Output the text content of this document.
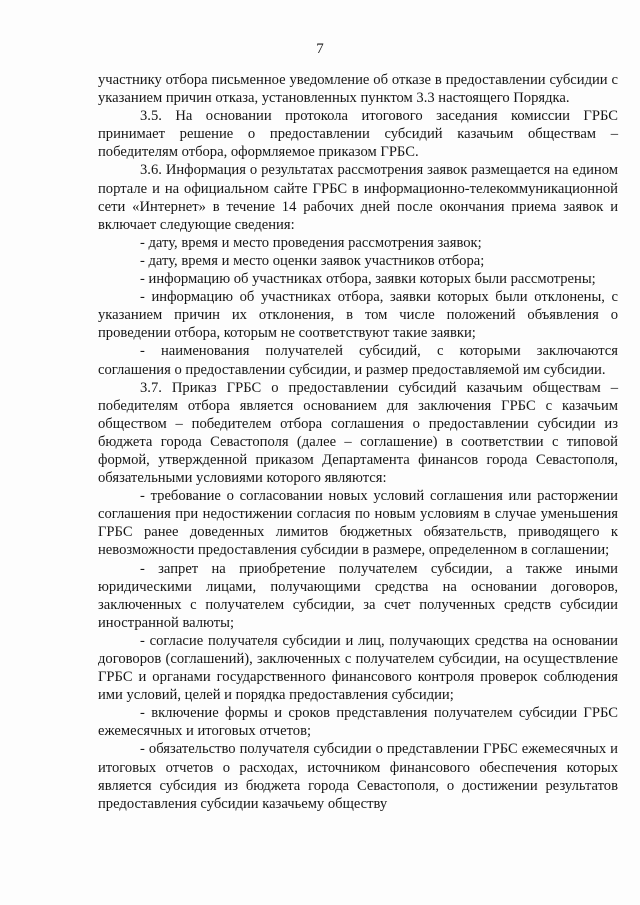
7

участнику отбора письменное уведомление об отказе в предоставлении субсидии с указанием причин отказа, установленных пунктом 3.3 настоящего Порядка.

3.5. На основании протокола итогового заседания комиссии ГРБС принимает решение о предоставлении субсидий казачьим обществам – победителям отбора, оформляемое приказом ГРБС.

3.6. Информация о результатах рассмотрения заявок размещается на едином портале и на официальном сайте ГРБС в информационно-телекоммуникационной сети «Интернет» в течение 14 рабочих дней после окончания приема заявок и включает следующие сведения:

- дату, время и место проведения рассмотрения заявок;

- дату, время и место оценки заявок участников отбора;

- информацию об участниках отбора, заявки которых были рассмотрены;

- информацию об участниках отбора, заявки которых были отклонены, с указанием причин их отклонения, в том числе положений объявления о проведении отбора, которым не соответствуют такие заявки;

- наименования получателей субсидий, с которыми заключаются соглашения о предоставлении субсидии, и размер предоставляемой им субсидии.

3.7. Приказ ГРБС о предоставлении субсидий казачьим обществам – победителям отбора является основанием для заключения ГРБС с казачьим обществом – победителем отбора соглашения о предоставлении субсидии из бюджета города Севастополя (далее – соглашение) в соответствии с типовой формой, утвержденной приказом Департамента финансов города Севастополя, обязательными условиями которого являются:

- требование о согласовании новых условий соглашения или расторжении соглашения при недостижении согласия по новым условиям в случае уменьшения ГРБС ранее доведенных лимитов бюджетных обязательств, приводящего к невозможности предоставления субсидии в размере, определенном в соглашении;

- запрет на приобретение получателем субсидии, а также иными юридическими лицами, получающими средства на основании договоров, заключенных с получателем субсидии, за счет полученных средств субсидии иностранной валюты;

- согласие получателя субсидии и лиц, получающих средства на основании договоров (соглашений), заключенных с получателем субсидии, на осуществление ГРБС и органами государственного финансового контроля проверок соблюдения ими условий, целей и порядка предоставления субсидии;

- включение формы и сроков представления получателем субсидии ГРБС ежемесячных и итоговых отчетов;

- обязательство получателя субсидии о представлении ГРБС ежемесячных и итоговых отчетов о расходах, источником финансового обеспечения которых является субсидия из бюджета города Севастополя, о достижении результатов предоставления субсидии казачьему обществу
